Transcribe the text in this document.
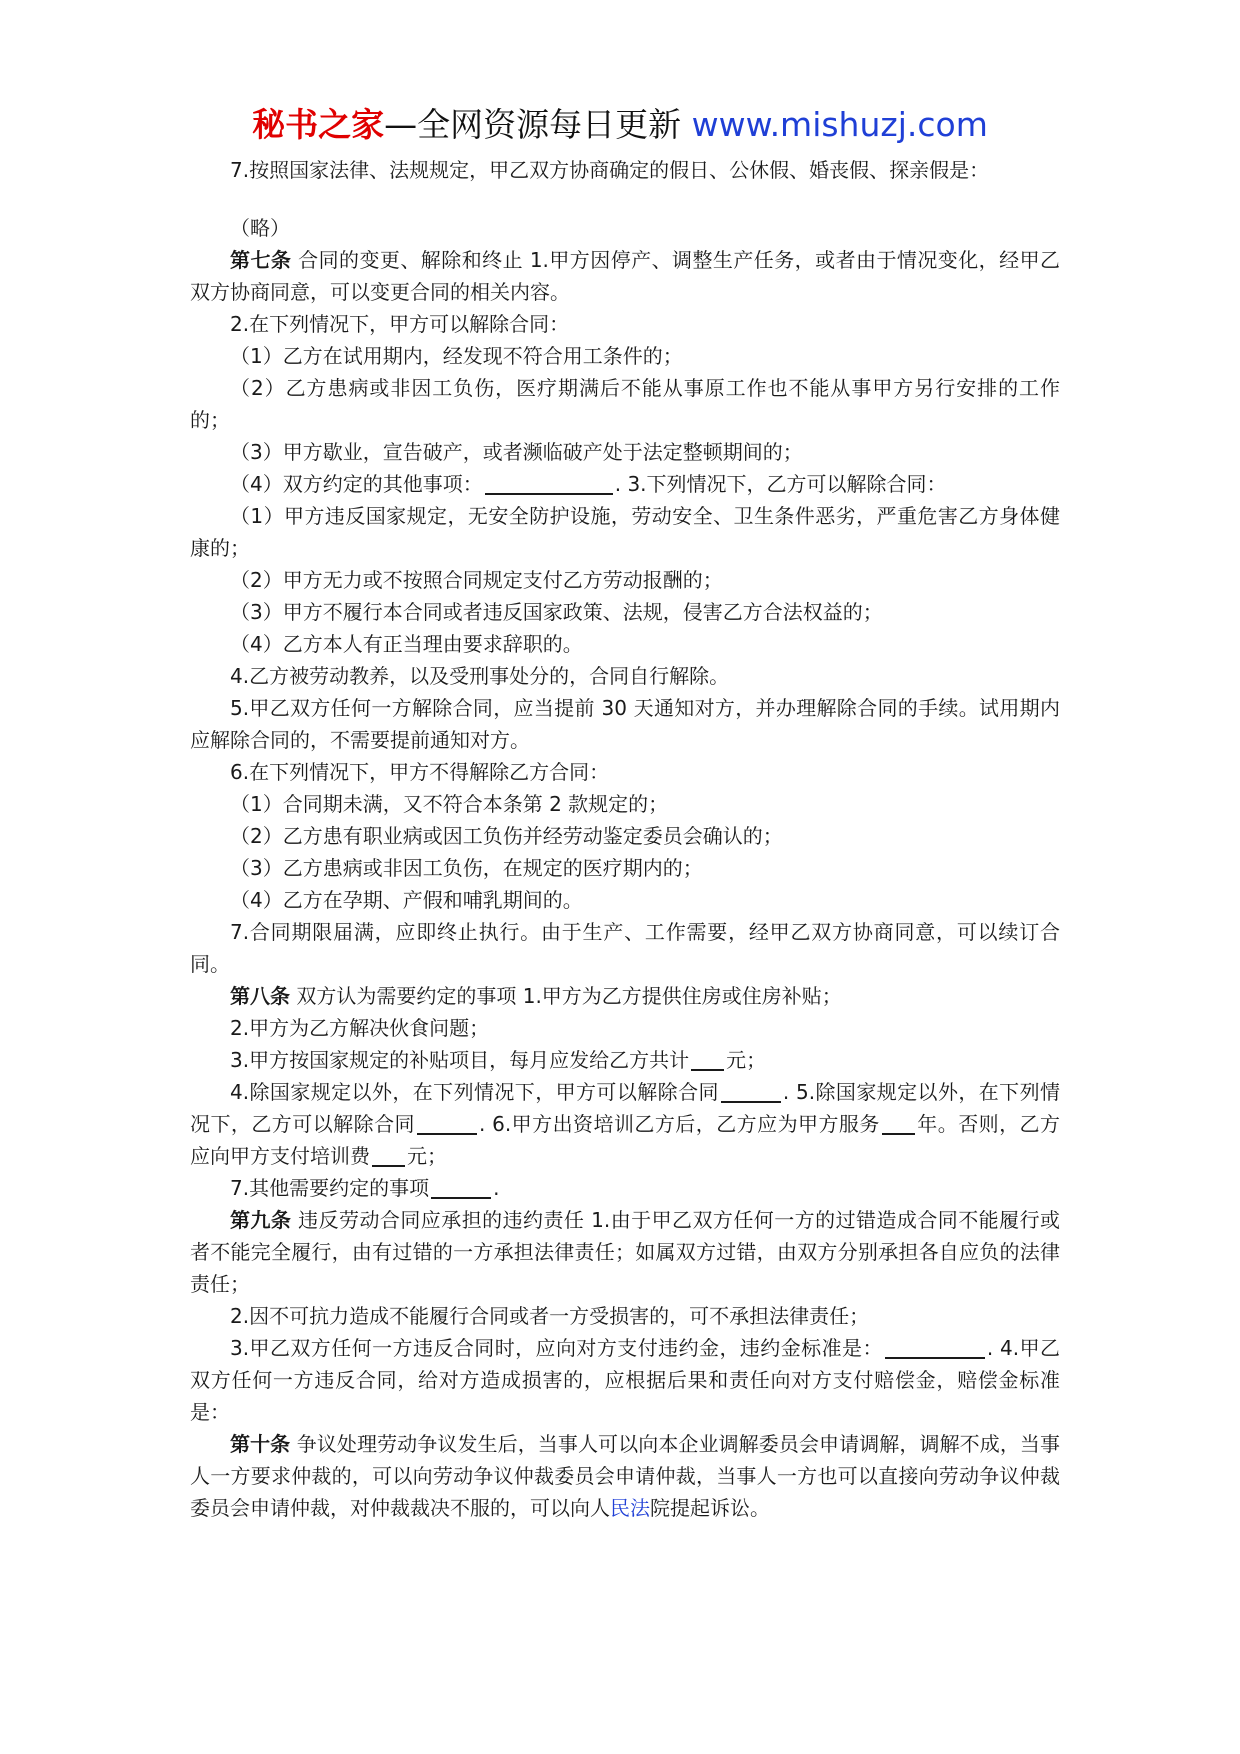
秘书之家—全网资源每日更新 www.mishuzj.com

7.按照国家法律、法规规定，甲乙双方协商确定的假日、公休假、婚丧假、探亲假是：

（略）

第七条 合同的变更、解除和终止 1.甲方因停产、调整生产任务，或者由于情况变化，经甲乙双方协商同意，可以变更合同的相关内容。

2.在下列情况下，甲方可以解除合同：

（1）乙方在试用期内，经发现不符合用工条件的；

（2）乙方患病或非因工负伤，医疗期满后不能从事原工作也不能从事甲方另行安排的工作的；

（3）甲方歇业，宣告破产，或者濒临破产处于法定整顿期间的；

（4）双方约定的其他事项：	. 3.下列情况下，乙方可以解除合同：

（1）甲方违反国家规定，无安全防护设施，劳动安全、卫生条件恶劣，严重危害乙方身体健康的；

（2）甲方无力或不按照合同规定支付乙方劳动报酬的；

（3）甲方不履行本合同或者违反国家政策、法规，侵害乙方合法权益的；

（4）乙方本人有正当理由要求辞职的。

4.乙方被劳动教养，以及受刑事处分的，合同自行解除。

5.甲乙双方任何一方解除合同，应当提前 30 天通知对方，并办理解除合同的手续。试用期内应解除合同的，不需要提前通知对方。

6.在下列情况下，甲方不得解除乙方合同：

（1）合同期未满，又不符合本条第 2 款规定的；

（2）乙方患有职业病或因工负伤并经劳动鉴定委员会确认的；

（3）乙方患病或非因工负伤，在规定的医疗期内的；

（4）乙方在孕期、产假和哺乳期间的。

7.合同期限届满，应即终止执行。由于生产、工作需要，经甲乙双方协商同意，可以续订合同。

第八条 双方认为需要约定的事项 1.甲方为乙方提供住房或住房补贴；

2.甲方为乙方解决伙食问题；

3.甲方按国家规定的补贴项目，每月应发给乙方共计 元；

4.除国家规定以外，在下列情况下，甲方可以解除合同	. 5.除国家规定以外，在下列情况下，乙方可以解除合同	. 6.甲方出资培训乙方后，乙方应为甲方服务 年。否则，乙方应向甲方支付培训费 元；

7.其他需要约定的事项	.

第九条 违反劳动合同应承担的违约责任 1.由于甲乙双方任何一方的过错造成合同不能履行或者不能完全履行，由有过错的一方承担法律责任；如属双方过错，由双方分别承担各自应负的法律责任；

2.因不可抗力造成不能履行合同或者一方受损害的，可不承担法律责任；

3.甲乙双方任何一方违反合同时，应向对方支付违约金，违约金标准是：	. 4.甲乙双方任何一方违反合同，给对方造成损害的，应根据后果和责任向对方支付赔偿金，赔偿金标准是：

第十条 争议处理劳动争议发生后，当事人可以向本企业调解委员会申请调解，调解不成，当事人一方要求仲裁的，可以向劳动争议仲裁委员会申请仲裁，当事人一方也可以直接向劳动争议仲裁委员会申请仲裁，对仲裁裁决不服的，可以向人民法院提起诉讼。
